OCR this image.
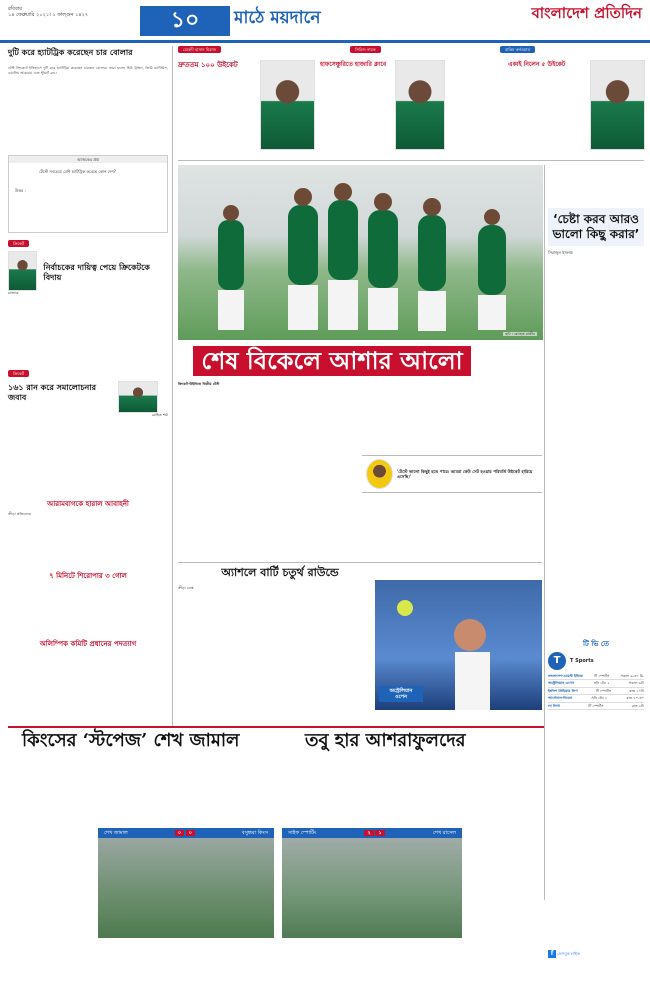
রবিবার
১৪ ফেব্রুয়ারি ২০২১। ১ ফাল্গুন ১৪২৭	১০	মাঠে ময়দানে	বাংলাদেশ প্রতিদিন
দুটি করে হ্যাটট্রিক করেছেন চার বোলার
টেস্ট ক্রিকেটে ইতিহাসে দুটি করে হ্যাটট্রিক করেছেন চারজন বোলার। তারা হলেন হিউ ট্রাম্বল, জিমি ম্যাথিউস, ওয়াসিম আকরাম এবং স্টুয়ার্ট ব্রড।
আজকের প্রশ্ন
টেস্টে সবচেয়ে বেশি হ্যাটট্রিক করেছে কোন দেশ?
উত্তর :
মেহেদী হাসান মিরাজ
দ্রুততম ১০০ উইকেট
সিরিজ নায়ক
হাফসেঞ্চুরিতে হাজারি ক্লাবে
রাকিম কর্নওয়াল
একাই নিলেন ৫ উইকেট
ক্রিকেট
নির্বাচকের দায়িত্ব পেয়ে ক্রিকেটকে বিদায়
রাজ্জাক
ক্রিকেট
১৬১ রান করে সমালোচনার জবাব
রোহিত শর্মা
আরামবাগকে হারাল আবাহনী
ক্রীড়া প্রতিবেদক
৭ মিনিটে শিরোপার ৩ গোল
অলিম্পিক কমিটি প্রধানের পদত্যাগ
ছবি : রোহেত রাজীব
শেষ বিকেলে আশার আলো
ক্রিকেট-উইন্ডিজ দ্বিতীয় টেস্ট
'টেস্টে ভালো কিছুই হতে পারে। আমরা কেউ সেট হওয়ার পরিবর্তি উইকেট হারিয়ে এসেছি।'
‘চেষ্টা করব আরও ভালো কিছু করার’
সিরাজুল ইসলাম
অ্যাশলে বার্টি চতুর্থ রাউন্ডে
ক্রীড়া ডেস্ক
অস্ট্রেলিয়ান ওপেন
টি ভি তে
T	T Sports
বাংলাদেশ-ওয়েস্ট ইন্ডিজ	টি স্পোর্টস	সকাল ৯-৩০ মি.
অস্ট্রেলিয়ান ওপেন	সনি টেন ২	সকাল ৬টা
ইংলিশ প্রিমিয়ার লিগ	টি স্পোর্টস	রাত ১০টা
আর্সেনাল-লিডস	সনি টেন ১	রাত ১০-৩০
লা লিগা	টি স্পোর্টস	রাত ২টা
কিংসের ‘স্টপেজ’ শেখ জামাল	তবু হার আশরাফুলদের
শেখ জামাল	০ ০	বসুন্ধরা কিংস	সাইফ স্পোর্টিং	২ ১	শেখ রাসেল
f ফেসবুক লাইভ
